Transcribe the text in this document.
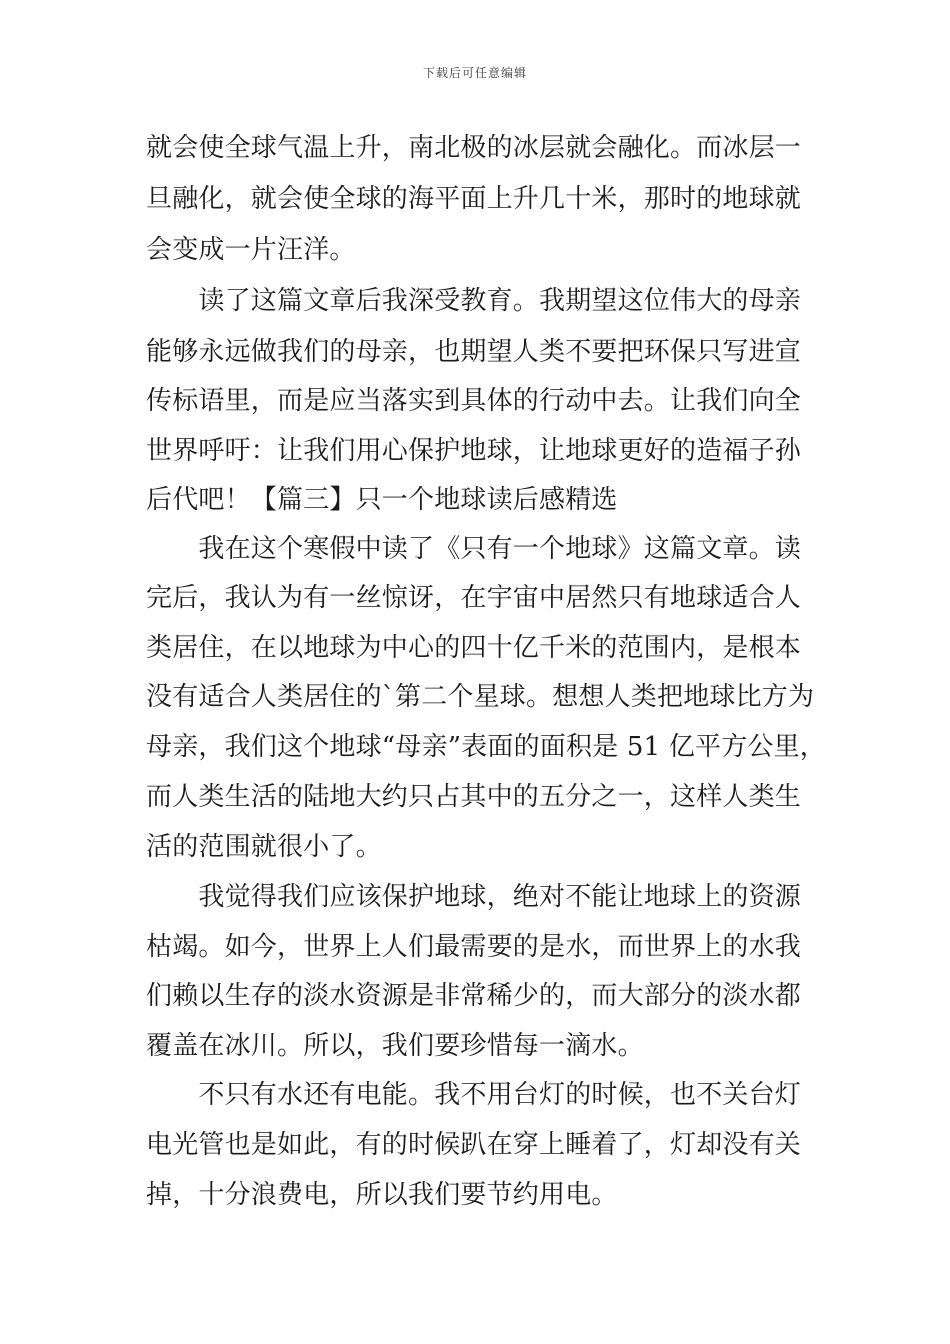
下载后可任意编辑
就会使全球气温上升，南北极的冰层就会融化。而冰层一
旦融化，就会使全球的海平面上升几十米，那时的地球就
会变成一片汪洋。
　　读了这篇文章后我深受教育。我期望这位伟大的母亲
能够永远做我们的母亲，也期望人类不要把环保只写进宣
传标语里，而是应当落实到具体的行动中去。让我们向全
世界呼吁：让我们用心保护地球，让地球更好的造福子孙
后代吧！【篇三】只一个地球读后感精选
　　我在这个寒假中读了《只有一个地球》这篇文章。读
完后，我认为有一丝惊讶，在宇宙中居然只有地球适合人
类居住，在以地球为中心的四十亿千米的范围内，是根本
没有适合人类居住的`第二个星球。想想人类把地球比方为
母亲，我们这个地球“母亲”表面的面积是 51 亿平方公里，
而人类生活的陆地大约只占其中的五分之一，这样人类生
活的范围就很小了。
　　我觉得我们应该保护地球，绝对不能让地球上的资源
枯竭。如今，世界上人们最需要的是水，而世界上的水我
们赖以生存的淡水资源是非常稀少的，而大部分的淡水都
覆盖在冰川。所以，我们要珍惜每一滴水。
　　不只有水还有电能。我不用台灯的时候，也不关台灯
电光管也是如此，有的时候趴在穿上睡着了，灯却没有关
掉，十分浪费电，所以我们要节约用电。
